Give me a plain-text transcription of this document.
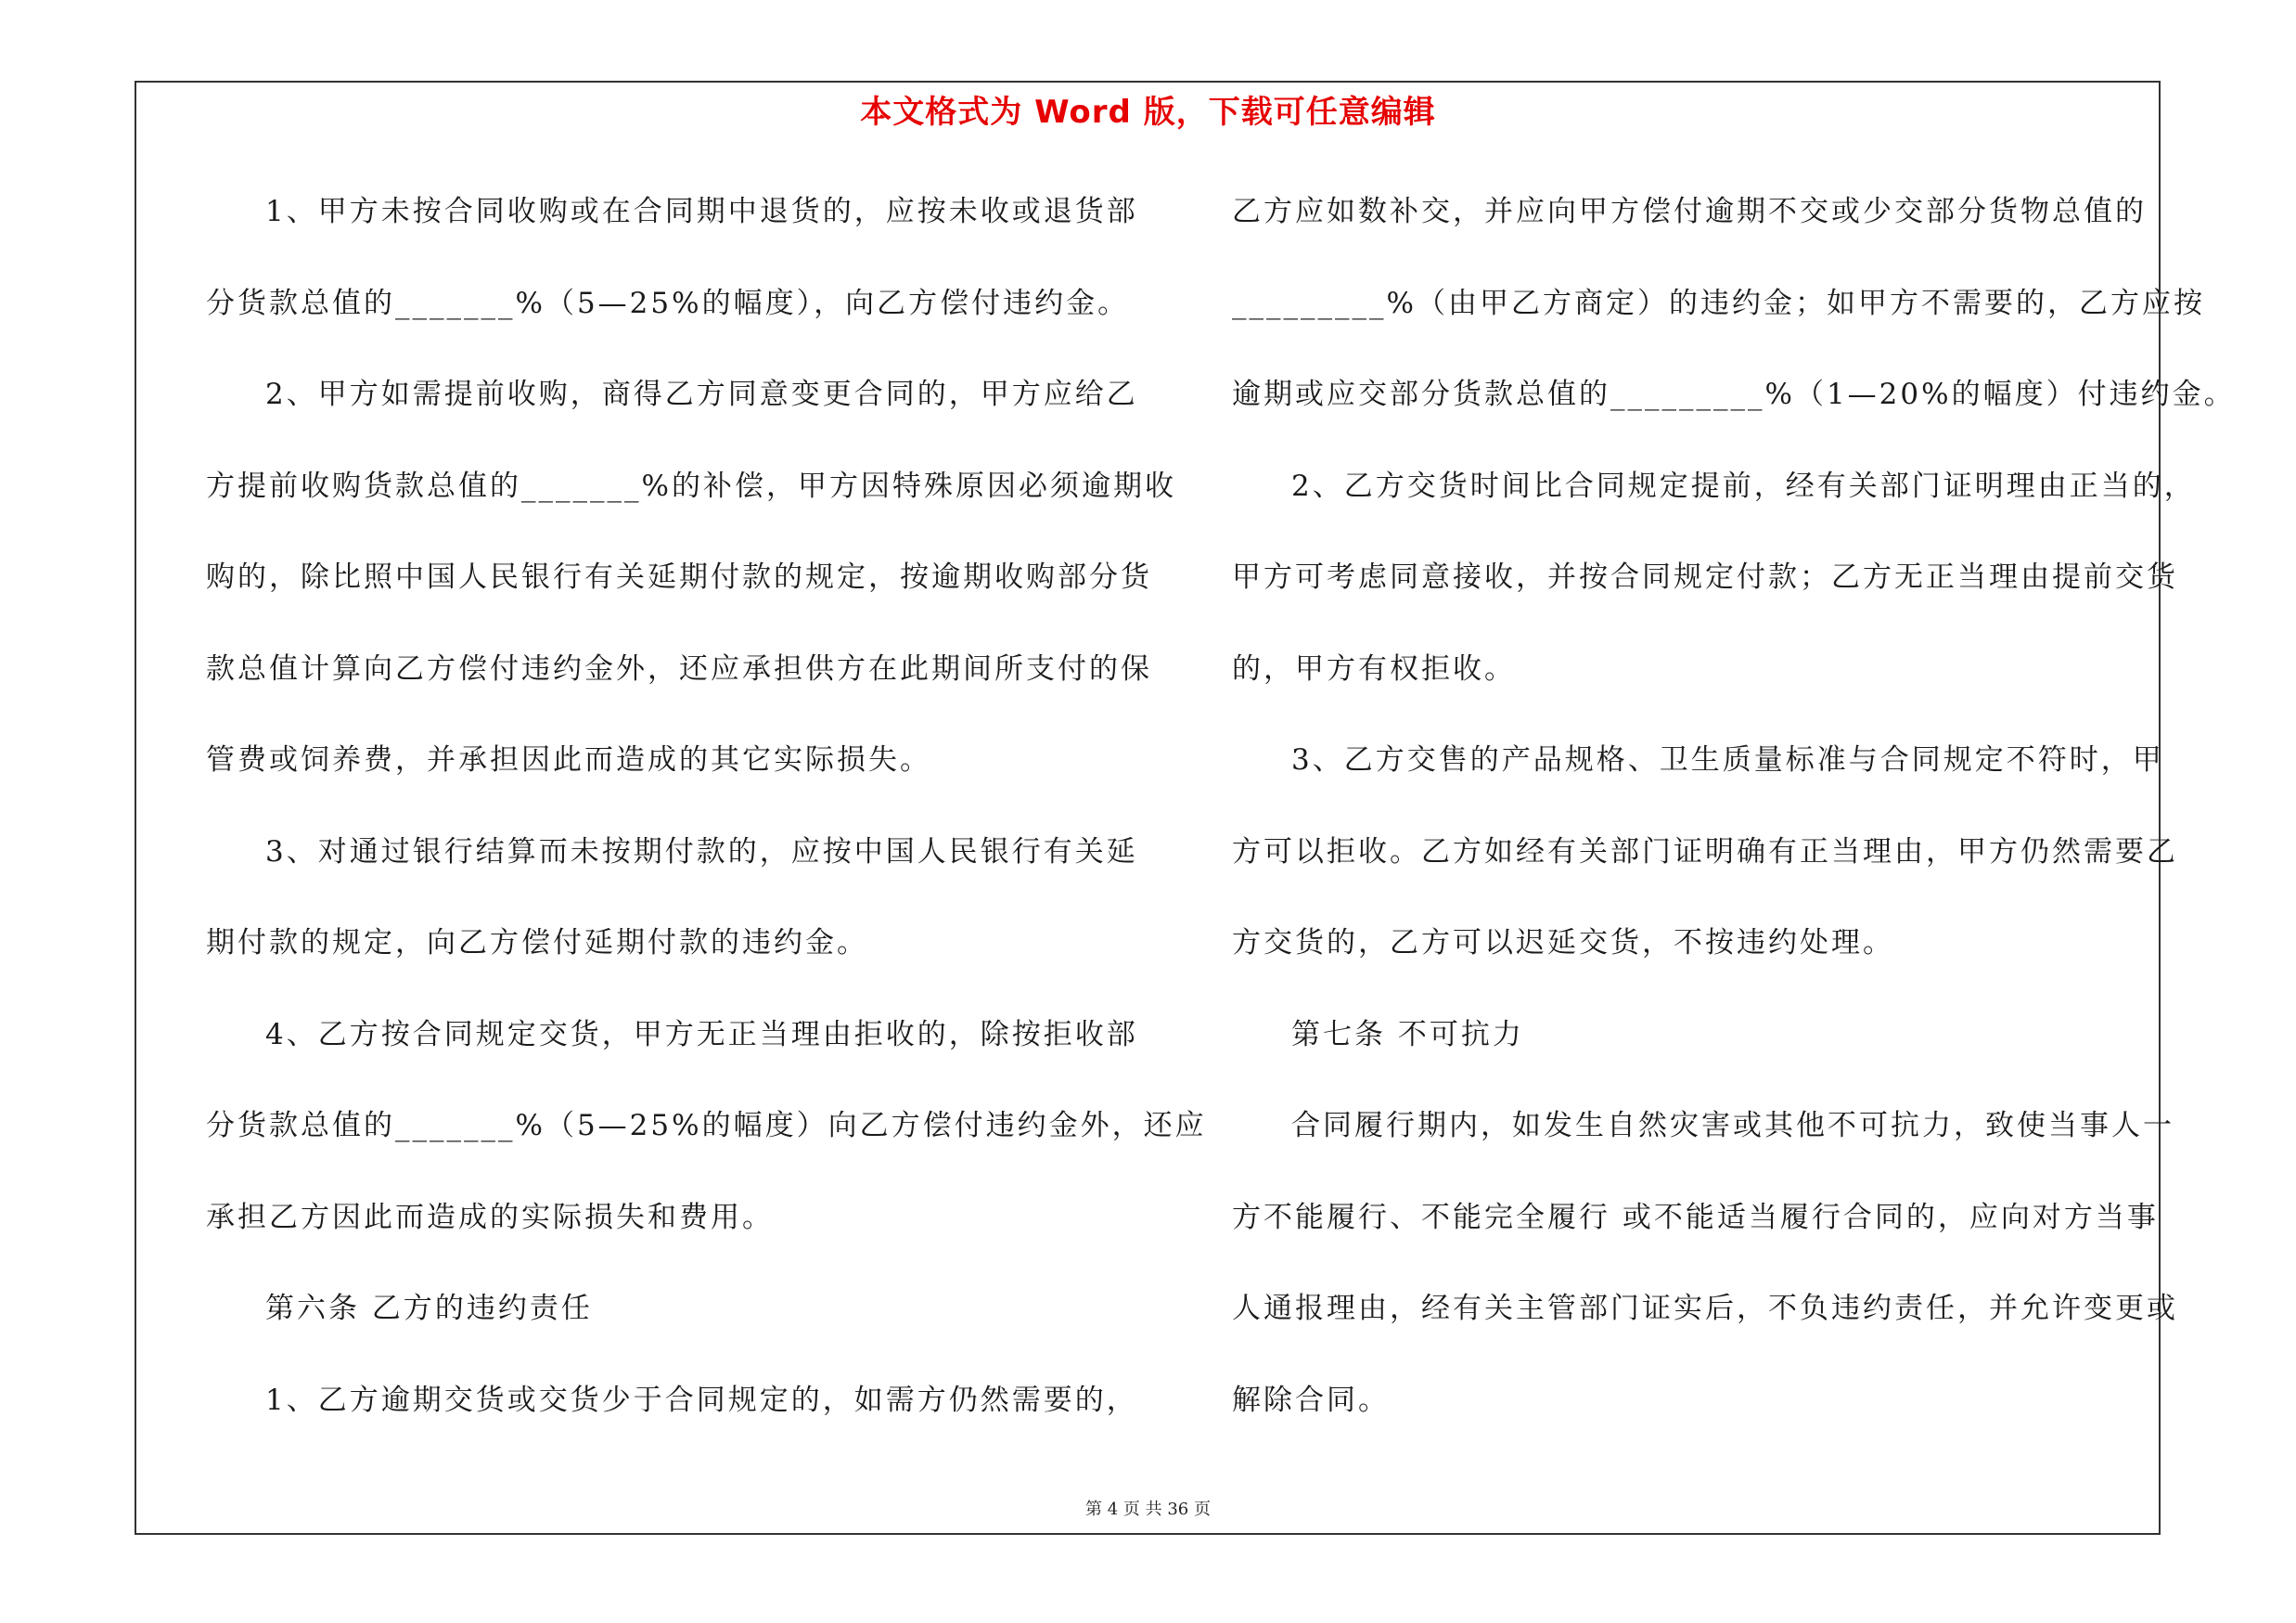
本文格式为 Word 版，下载可任意编辑
1、甲方未按合同收购或在合同期中退货的，应按未收或退货部
分货款总值的_______%（5—25%的幅度），向乙方偿付违约金。
2、甲方如需提前收购，商得乙方同意变更合同的，甲方应给乙
方提前收购货款总值的_______%的补偿，甲方因特殊原因必须逾期收
购的，除比照中国人民银行有关延期付款的规定，按逾期收购部分货
款总值计算向乙方偿付违约金外，还应承担供方在此期间所支付的保
管费或饲养费，并承担因此而造成的其它实际损失。
3、对通过银行结算而未按期付款的，应按中国人民银行有关延
期付款的规定，向乙方偿付延期付款的违约金。
4、乙方按合同规定交货，甲方无正当理由拒收的，除按拒收部
分货款总值的_______%（5—25%的幅度）向乙方偿付违约金外，还应
承担乙方因此而造成的实际损失和费用。
第六条 乙方的违约责任
1、乙方逾期交货或交货少于合同规定的，如需方仍然需要的，
乙方应如数补交，并应向甲方偿付逾期不交或少交部分货物总值的
_________%（由甲乙方商定）的违约金；如甲方不需要的，乙方应按
逾期或应交部分货款总值的_________%（1—20%的幅度）付违约金。
2、乙方交货时间比合同规定提前，经有关部门证明理由正当的，
甲方可考虑同意接收，并按合同规定付款；乙方无正当理由提前交货
的，甲方有权拒收。
3、乙方交售的产品规格、卫生质量标准与合同规定不符时，甲
方可以拒收。乙方如经有关部门证明确有正当理由，甲方仍然需要乙
方交货的，乙方可以迟延交货，不按违约处理。
第七条 不可抗力
合同履行期内，如发生自然灾害或其他不可抗力，致使当事人一
方不能履行、不能完全履行 或不能适当履行合同的，应向对方当事
人通报理由，经有关主管部门证实后，不负违约责任，并允许变更或
解除合同。
第 4 页 共 36 页
